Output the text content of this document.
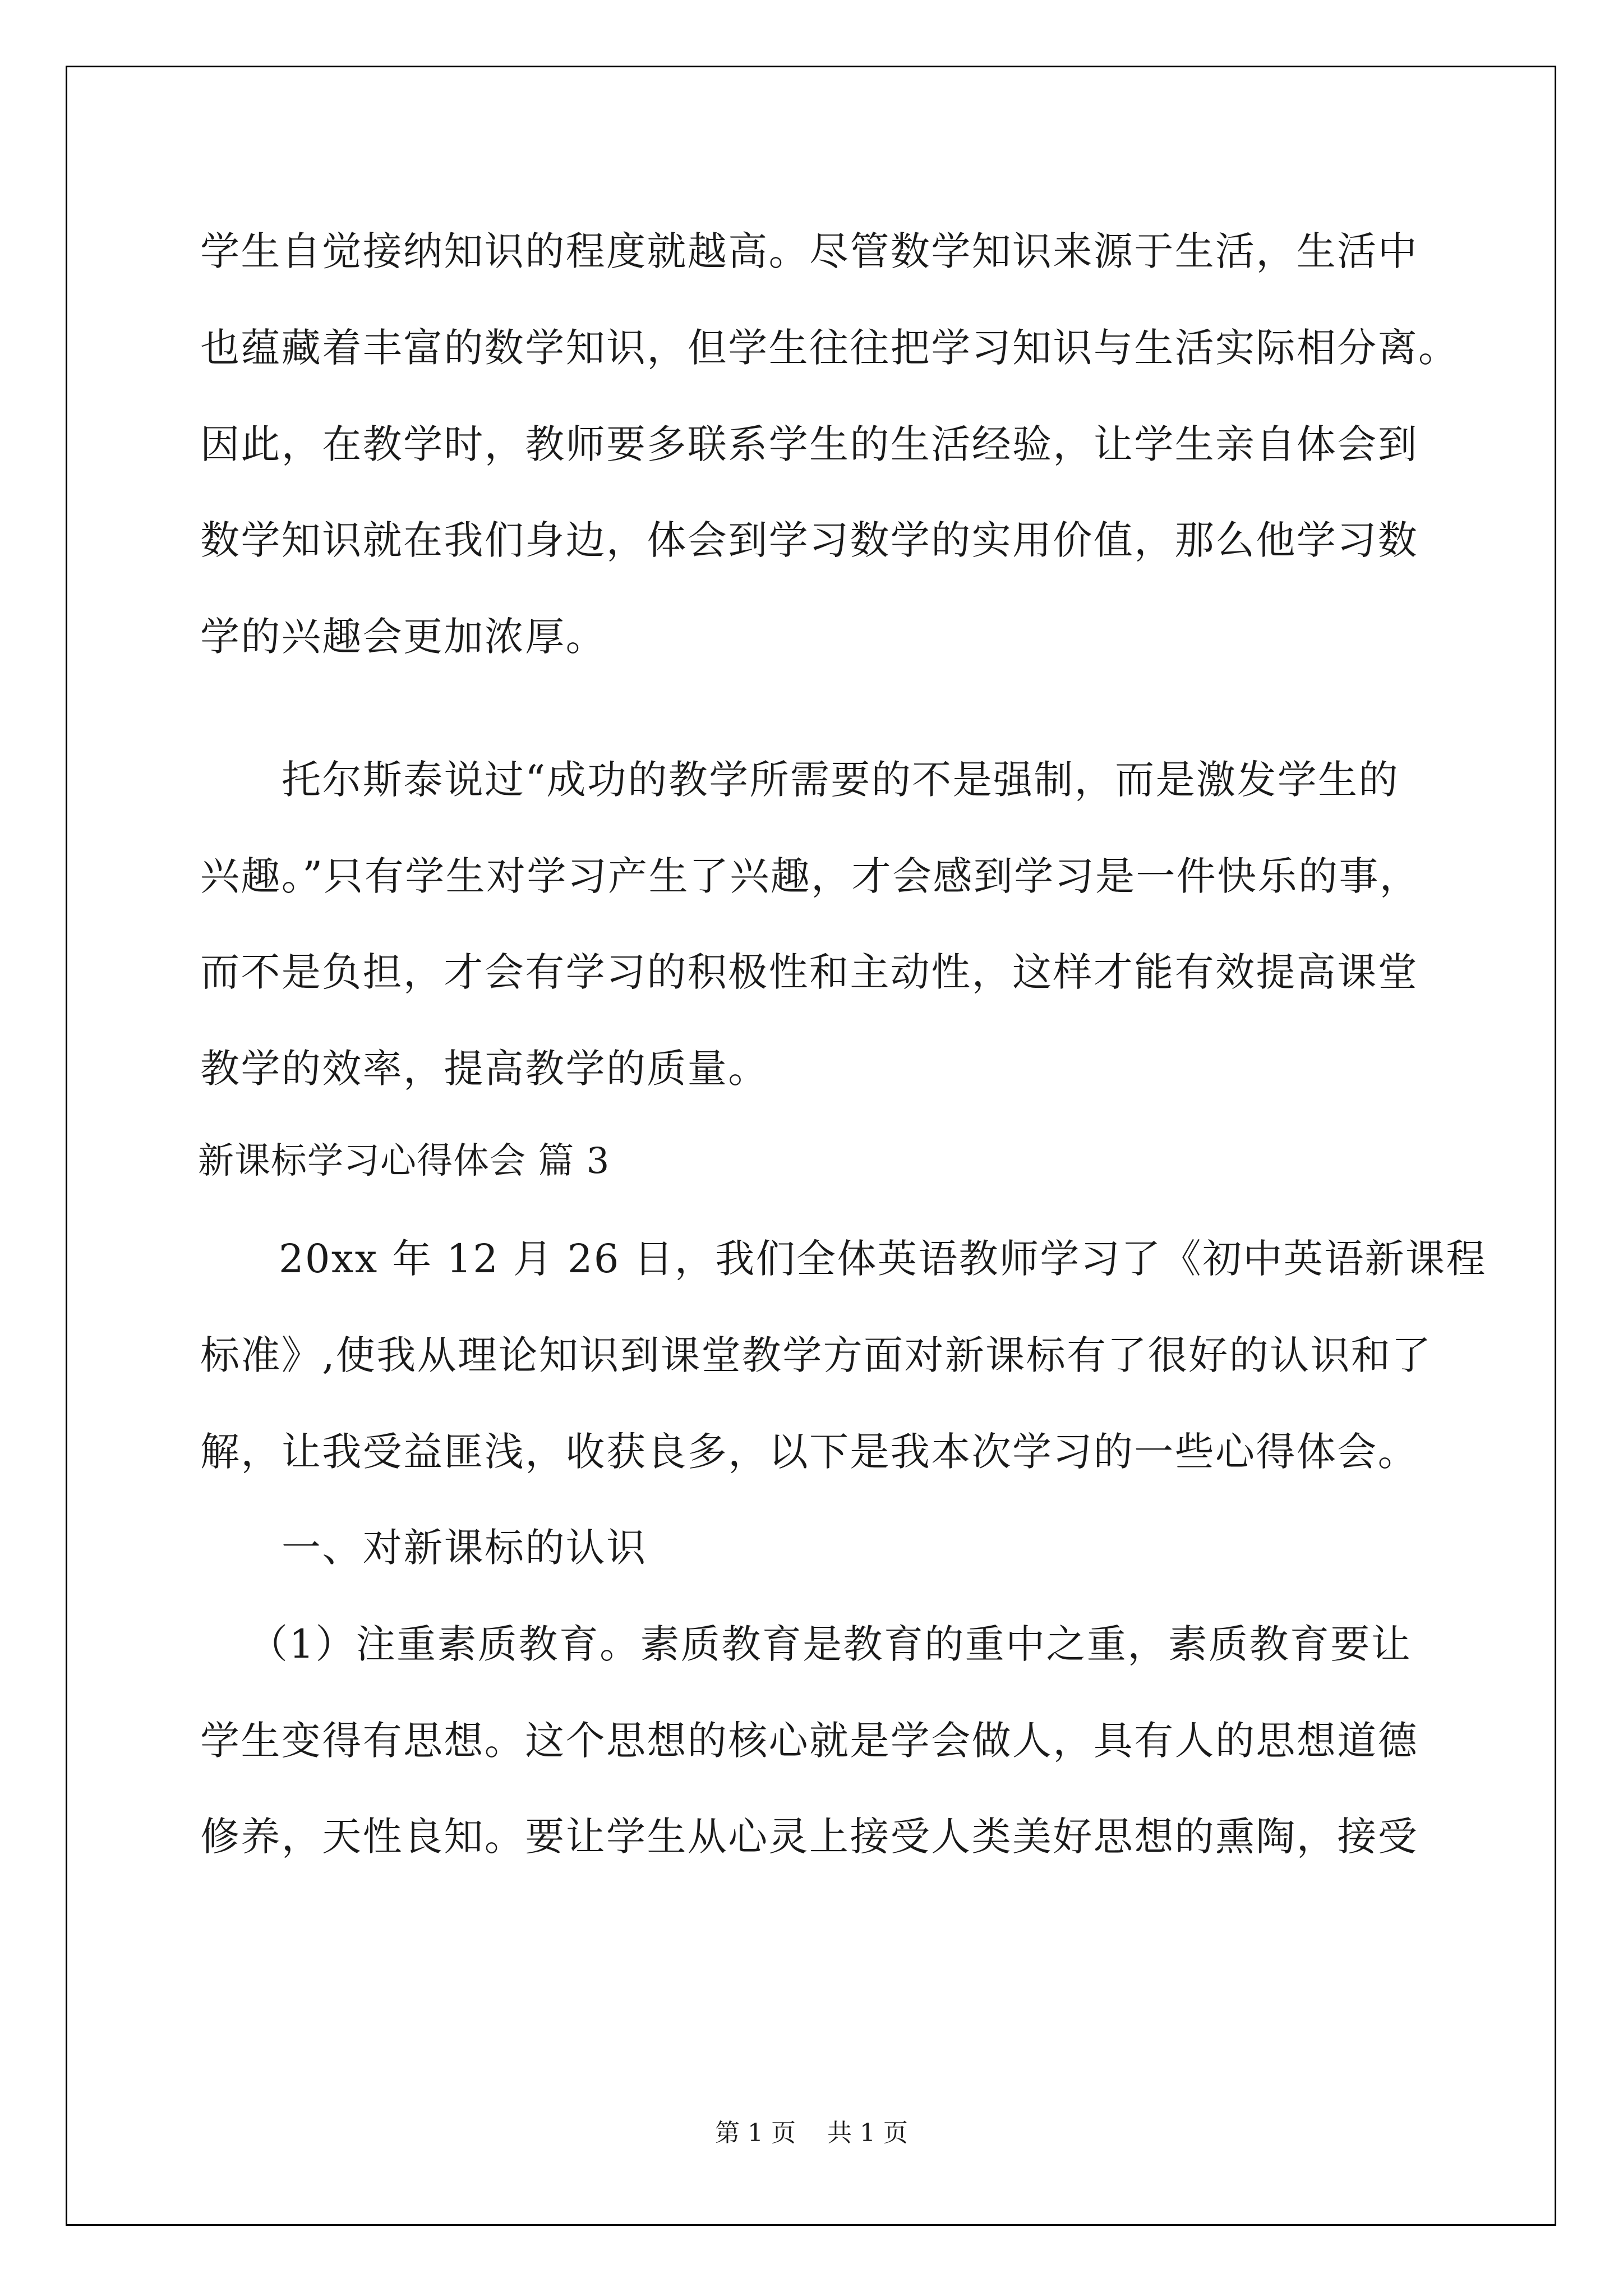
学生自觉接纳知识的程度就越高。尽管数学知识来源于生活，生活中
也蕴藏着丰富的数学知识，但学生往往把学习知识与生活实际相分离。
因此，在教学时，教师要多联系学生的生活经验，让学生亲自体会到
数学知识就在我们身边，体会到学习数学的实用价值，那么他学习数
学的兴趣会更加浓厚。
托尔斯泰说过“成功的教学所需要的不是强制，而是激发学生的
兴趣。”只有学生对学习产生了兴趣，才会感到学习是一件快乐的事，
而不是负担，才会有学习的积极性和主动性，这样才能有效提高课堂
教学的效率，提高教学的质量。
新课标学习心得体会 篇 3
20xx 年 12 月 26 日，我们全体英语教师学习了《初中英语新课程
标准》,使我从理论知识到课堂教学方面对新课标有了很好的认识和了
解，让我受益匪浅，收获良多，以下是我本次学习的一些心得体会。
一、对新课标的认识
（1）注重素质教育。素质教育是教育的重中之重，素质教育要让
学生变得有思想。这个思想的核心就是学会做人，具有人的思想道德
修养，天性良知。要让学生从心灵上接受人类美好思想的熏陶，接受
第 1 页    共 1 页
